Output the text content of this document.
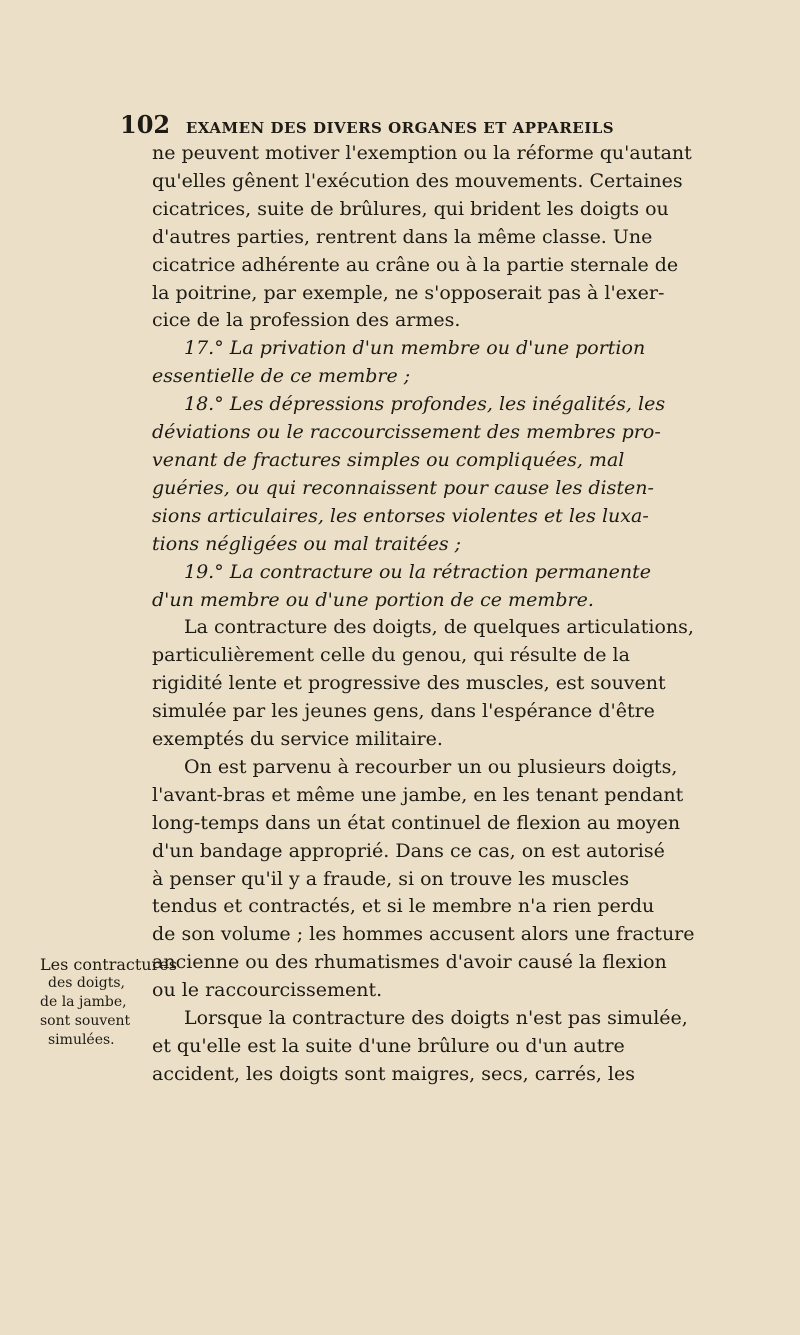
102 EXAMEN DES DIVERS ORGANES ET APPAREILS
Les contractures
des doigts,
de la jambe,
sont souvent
simulées.
ne peuvent motiver l'exemption ou la réforme qu'autant
qu'elles gênent l'exécution des mouvements. Certaines
cicatrices, suite de brûlures, qui brident les doigts ou
d'autres parties, rentrent dans la même classe. Une
cicatrice adhérente au crâne ou à la partie sternale de
la poitrine, par exemple, ne s'opposerait pas à l'exer-
cice de la profession des armes.
17.° La privation d'un membre ou d'une portion
essentielle de ce membre ;
18.° Les dépressions profondes, les inégalités, les
déviations ou le raccourcissement des membres pro-
venant de fractures simples ou compliquées, mal
guéries, ou qui reconnaissent pour cause les disten-
sions articulaires, les entorses violentes et les luxa-
tions négligées ou mal traitées ;
19.° La contracture ou la rétraction permanente
d'un membre ou d'une portion de ce membre.
La contracture des doigts, de quelques articulations,
particulièrement celle du genou, qui résulte de la
rigidité lente et progressive des muscles, est souvent
simulée par les jeunes gens, dans l'espérance d'être
exemptés du service militaire.
On est parvenu à recourber un ou plusieurs doigts,
l'avant-bras et même une jambe, en les tenant pendant
long-temps dans un état continuel de flexion au moyen
d'un bandage approprié. Dans ce cas, on est autorisé
à penser qu'il y a fraude, si on trouve les muscles
tendus et contractés, et si le membre n'a rien perdu
de son volume ; les hommes accusent alors une fracture
ancienne ou des rhumatismes d'avoir causé la flexion
ou le raccourcissement.
Lorsque la contracture des doigts n'est pas simulée,
et qu'elle est la suite d'une brûlure ou d'un autre
accident, les doigts sont maigres, secs, carrés, les
